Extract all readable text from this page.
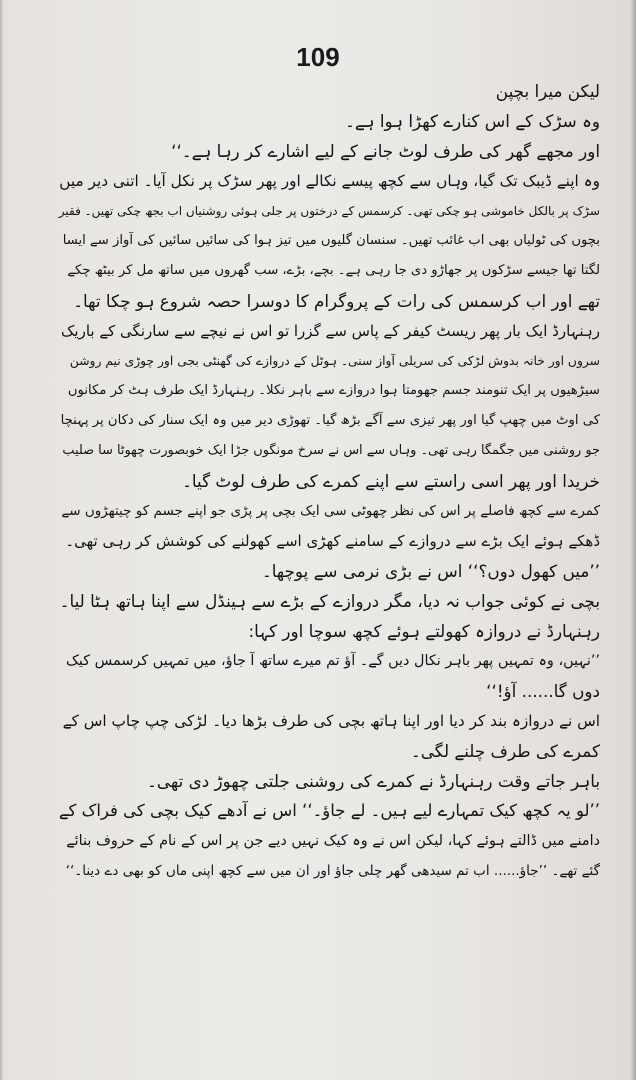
109

لیکن میرا بچپن

وہ سڑک کے اس کنارے کھڑا ہوا ہے۔

اور مجھے گھر کی طرف لوٹ جانے کے لیے اشارے کر رہا ہے۔‘‘

وہ اپنے ڈیبک تک گیا، وہاں سے کچھ پیسے نکالے اور پھر سڑک پر نکل آیا۔ اتنی دیر میں

سڑک پر بالکل خاموشی ہو چکی تھی۔ کرسمس کے درختوں پر جلی ہوئی روشنیاں اب بجھ چکی تھیں۔ فقیر

بچوں کی ٹولیاں بھی اب غائب تھیں۔ سنسان گلیوں میں تیز ہوا کی سائیں سائیں کی آواز سے ایسا

لگتا تھا جیسے سڑکوں پر جھاڑو دی جا رہی ہے۔ بچے، بڑے، سب گھروں میں ساتھ مل کر بیٹھ چکے

تھے اور اب کرسمس کی رات کے پروگرام کا دوسرا حصہ شروع ہو چکا تھا۔

رہنہارڈ ایک بار پھر ریسٹ کیفر کے پاس سے گزرا تو اس نے نیچے سے سارنگی کے باریک

سروں اور خانہ بدوش لڑکی کی سریلی آواز سنی۔ ہوٹل کے دروازے کی گھنٹی بجی اور چوڑی نیم روشن

سیڑھیوں پر ایک تنومند جسم جھومتا ہوا دروازے سے باہر نکلا۔ رہنہارڈ ایک طرف ہٹ کر مکانوں

کی اوٹ میں چھپ گیا اور پھر تیزی سے آگے بڑھ گیا۔ تھوڑی دیر میں وہ ایک سنار کی دکان پر پہنچا

جو روشنی میں جگمگا رہی تھی۔ وہاں سے اس نے سرخ مونگوں جڑا ایک خوبصورت چھوٹا سا صلیب

خریدا اور پھر اسی راستے سے اپنے کمرے کی طرف لوٹ گیا۔

کمرے سے کچھ فاصلے پر اس کی نظر چھوٹی سی ایک بچی پر پڑی جو اپنے جسم کو چیتھڑوں سے

ڈھکے ہوئے ایک بڑے سے دروازے کے سامنے کھڑی اسے کھولنے کی کوشش کر رہی تھی۔

’’میں کھول دوں؟‘‘ اس نے بڑی نرمی سے پوچھا۔

بچی نے کوئی جواب نہ دیا، مگر دروازے کے بڑے سے ہینڈل سے اپنا ہاتھ ہٹا لیا۔

رہنہارڈ نے دروازہ کھولتے ہوئے کچھ سوچا اور کہا:

’’نہیں، وہ تمہیں پھر باہر نکال دیں گے۔ آؤ تم میرے ساتھ آ جاؤ، میں تمہیں کرسمس کیک

دوں گا...... آؤ!‘‘

اس نے دروازہ بند کر دیا اور اپنا ہاتھ بچی کی طرف بڑھا دیا۔ لڑکی چپ چاپ اس کے

کمرے کی طرف چلنے لگی۔

باہر جاتے وقت رہنہارڈ نے کمرے کی روشنی جلتی چھوڑ دی تھی۔

’’لو یہ کچھ کیک تمہارے لیے ہیں۔ لے جاؤ۔‘‘ اس نے آدھے کیک بچی کی فراک کے

دامنے میں ڈالتے ہوئے کہا، لیکن اس نے وہ کیک نہیں دیے جن پر اس کے نام کے حروف بنائے

گئے تھے۔ ’’جاؤ...... اب تم سیدھی گھر چلی جاؤ اور ان میں سے کچھ اپنی ماں کو بھی دے دینا۔‘‘
